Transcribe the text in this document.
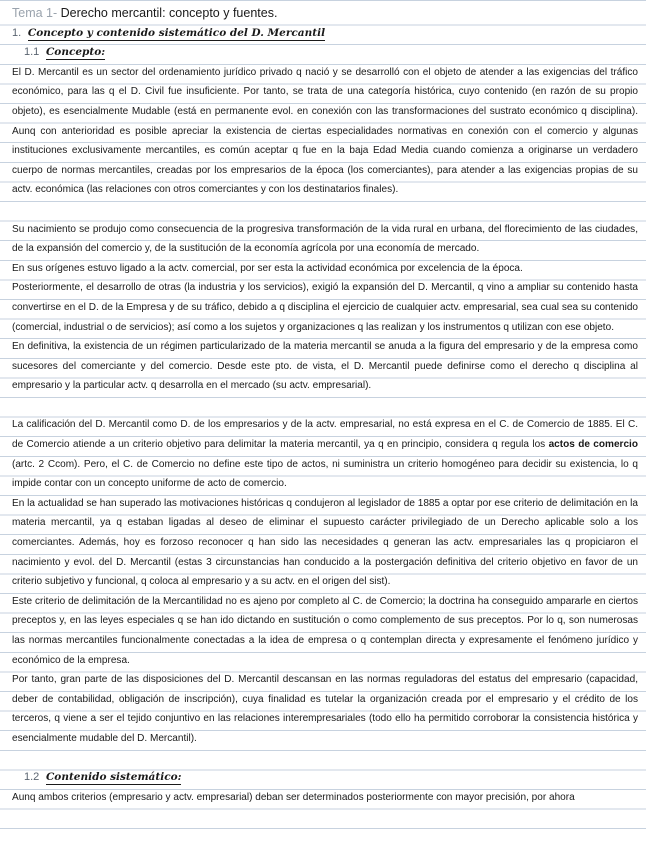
Tema 1- Derecho mercantil: concepto y fuentes.
1. Concepto y contenido sistemático del D. Mercantil
1.1 Concepto:

El D. Mercantil es un sector del ordenamiento jurídico privado q nació y se desarrolló con el objeto de atender a las exigencias del tráfico económico, para las q el D. Civil fue insuficiente. Por tanto, se trata de una categoría histórica, cuyo contenido (en razón de su propio objeto), es esencialmente Mudable (está en permanente evol. en conexión con las transformaciones del sustrato económico q disciplina). Aunq con anterioridad es posible apreciar la existencia de ciertas especialidades normativas en conexión con el comercio y algunas instituciones exclusivamente mercantiles, es común aceptar q fue en la baja Edad Media cuando comienza a originarse un verdadero cuerpo de normas mercantiles, creadas por los empresarios de la época (los comerciantes), para atender a las exigencias propias de su actv. económica (las relaciones con otros comerciantes y con los destinatarios finales).

Su nacimiento se produjo como consecuencia de la progresiva transformación de la vida rural en urbana, del florecimiento de las ciudades, de la expansión del comercio y, de la sustitución de la economía agrícola por una economía de mercado.

En sus orígenes estuvo ligado a la actv. comercial, por ser esta la actividad económica por excelencia de la época.

Posteriormente, el desarrollo de otras (la industria y los servicios), exigió la expansión del D. Mercantil, q vino a ampliar su contenido hasta convertirse en el D. de la Empresa y de su tráfico, debido a q disciplina el ejercicio de cualquier actv. empresarial, sea cual sea su contenido (comercial, industrial o de servicios); así como a los sujetos y organizaciones q las realizan y los instrumentos q utilizan con ese objeto.

En definitiva, la existencia de un régimen particularizado de la materia mercantil se anuda a la figura del empresario y de la empresa como sucesores del comerciante y del comercio. Desde este pto. de vista, el D. Mercantil puede definirse como el derecho q disciplina al empresario y la particular actv. q desarrolla en el mercado (su actv. empresarial).

La calificación del D. Mercantil como D. de los empresarios y de la actv. empresarial, no está expresa en el C. de Comercio de 1885. El C. de Comercio atiende a un criterio objetivo para delimitar la materia mercantil, ya q en principio, considera q regula los actos de comercio (artc. 2 Ccom). Pero, el C. de Comercio no define este tipo de actos, ni suministra un criterio homogéneo para decidir su existencia, lo q impide contar con un concepto uniforme de acto de comercio.

En la actualidad se han superado las motivaciones históricas q condujeron al legislador de 1885 a optar por ese criterio de delimitación en la materia mercantil, ya q estaban ligadas al deseo de eliminar el supuesto carácter privilegiado de un Derecho aplicable solo a los comerciantes. Además, hoy es forzoso reconocer q han sido las necesidades q generan las actv. empresariales las q propiciaron el nacimiento y evol. del D. Mercantil (estas 3 circunstancias han conducido a la postergación definitiva del criterio objetivo en favor de un criterio subjetivo y funcional, q coloca al empresario y a su actv. en el origen del sist).

Este criterio de delimitación de la Mercantilidad no es ajeno por completo al C. de Comercio; la doctrina ha conseguido ampararle en ciertos preceptos y, en las leyes especiales q se han ido dictando en sustitución o como complemento de sus preceptos. Por lo q, son numerosas las normas mercantiles funcionalmente conectadas a la idea de empresa o q contemplan directa y expresamente el fenómeno jurídico y económico de la empresa.

Por tanto, gran parte de las disposiciones del D. Mercantil descansan en las normas reguladoras del estatus del empresario (capacidad, deber de contabilidad, obligación de inscripción), cuya finalidad es tutelar la organización creada por el empresario y el crédito de los terceros, q viene a ser el tejido conjuntivo en las relaciones interempresariales (todo ello ha permitido corroborar la consistencia histórica y esencialmente mudable del D. Mercantil).

1.2 Contenido sistemático:

Aunq ambos criterios (empresario y actv. empresarial) deban ser determinados posteriormente con mayor precisión, por ahora
